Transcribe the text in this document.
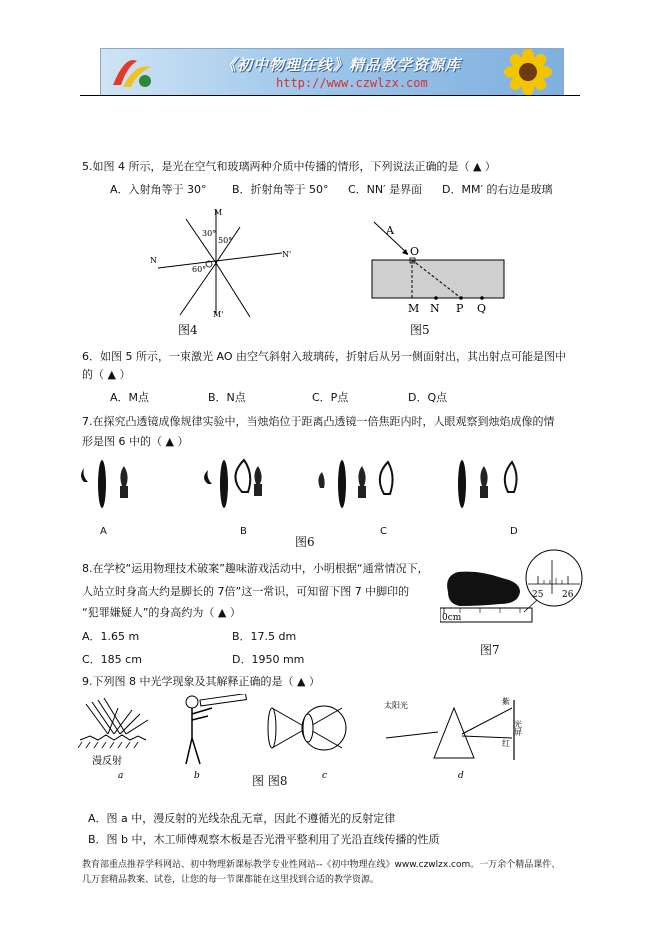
《初中物理在线》精品教学资源库
http://www.czwlzx.com
5.如图 4 所示，是光在空气和玻璃两种介质中传播的情形，下列说法正确的是（ ▲ ）
A．入射角等于 30° B．折射角等于 50° C．NN′ 是界面 D．MM′ 的右边是玻璃
M
M'
N
N'
30°
50°
60°
图4
A
O
M N P Q
图5
6．如图 5 所示，一束激光 AO 由空气斜射入玻璃砖，折射后从另一侧面射出，其出射点可能是图中
的（ ▲ ）
A．M点	B．N点	C．P点	D．Q点
7.在探究凸透镜成像规律实验中，当烛焰位于距离凸透镜一倍焦距内时，人眼观察到烛焰成像的情
形是图 6 中的（ ▲ ）
A	B	C	D
图6
8.在学校“运用物理技术破案”趣味游戏活动中，小明根据“通常情况下，
人站立时身高大约是脚长的 7倍”这一常识，可知留下图 7 中脚印的
“犯罪嫌疑人”的身高约为（ ▲ ）
A．1.65 m	B．17.5 dm
C．185 cm	D．1950 mm
0cm
25 26
图7
9.下列图 8 中光学现象及其解释正确的是（ ▲ ）
漫反射
a	b	c
太阳光	紫
红
光屏
d
图 图8
A．图 a 中，漫反射的光线杂乱无章，因此不遵循光的反射定律
B．图 b 中，木工师傅观察木板是否光滑平整利用了光沿直线传播的性质
教育部重点推荐学科网站、初中物理新课标教学专业性网站--《初中物理在线》www.czwlzx.com。一万余个精品课件、
几万套精品教案、试卷，让您的每一节课都能在这里找到合适的教学资源。
